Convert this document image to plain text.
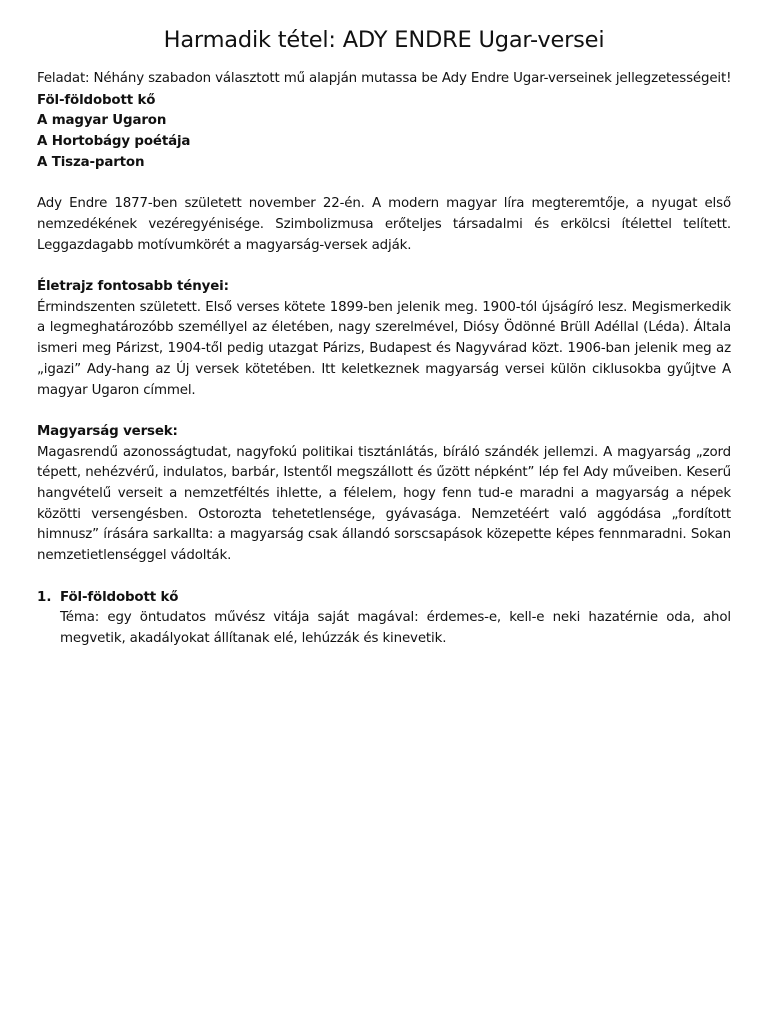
Harmadik tétel: ADY ENDRE Ugar-versei

Feladat: Néhány szabadon választott mű alapján mutassa be Ady Endre Ugar-verseinek jellegzetességeit!

Föl-földobott kő
A magyar Ugaron
A Hortobágy poétája
A Tisza-parton

Ady Endre 1877-ben született november 22-én. A modern magyar líra megteremtője, a nyugat első nemzedékének vezéregyénisége. Szimbolizmusa erőteljes társadalmi és erkölcsi ítélettel telített. Leggazdagabb motívumkörét a magyarság-versek adják.

Életrajz fontosabb tényei:

Érmindszenten született. Első verses kötete 1899-ben jelenik meg. 1900-tól újságíró lesz. Megismerkedik a legmeghatározóbb személlyel az életében, nagy szerelmével, Diósy Ödönné Brüll Adéllal (Léda). Általa ismeri meg Párizst, 1904-től pedig utazgat Párizs, Budapest és Nagyvárad közt. 1906-ban jelenik meg az „igazi” Ady-hang az Új versek kötetében. Itt keletkeznek magyarság versei külön ciklusokba gyűjtve A magyar Ugaron címmel.

Magyarság versek:

Magasrendű azonosságtudat, nagyfokú politikai tisztánlátás, bíráló szándék jellemzi. A magyarság „zord tépett, nehézvérű, indulatos, barbár, Istentől megszállott és űzött népként” lép fel Ady műveiben. Keserű hangvételű verseit a nemzetféltés ihlette, a félelem, hogy fenn tud-e maradni a magyarság a népek közötti versengésben. Ostorozta tehetetlensége, gyávasága. Nemzetéért való aggódása „fordított himnusz” írására sarkallta: a magyarság csak állandó sorscsapások közepette képes fennmaradni. Sokan nemzetietlenséggel vádolták.

1. Föl-földobott kő

Téma: egy öntudatos művész vitája saját magával: érdemes-e, kell-e neki hazatérnie oda, ahol megvetik, akadályokat állítanak elé, lehúzzák és kinevetik.
